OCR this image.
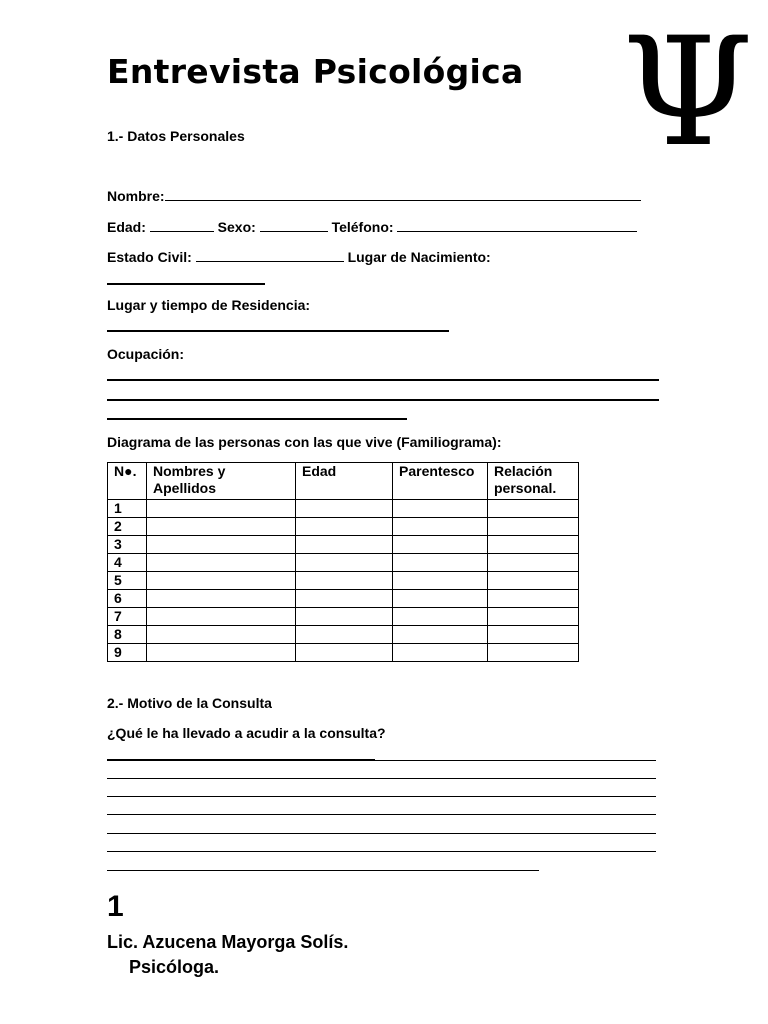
Entrevista Psicológica Ψ
1.- Datos Personales
Nombre:
Edad:	Sexo:	Teléfono:
Estado Civil:	Lugar de Nacimiento:
Lugar y tiempo de Residencia:
Ocupación:
Diagrama de las personas con las que vive (Familiograma):
N●.	Nombres y Apellidos	Edad	Parentesco	Relación personal.

1				
2				
3				
4				
5				
6				
7				
8				
9				
2.- Motivo de la Consulta
¿Qué le ha llevado a acudir a la consulta?
1
Lic. Azucena Mayorga Solís.
Psicóloga.
